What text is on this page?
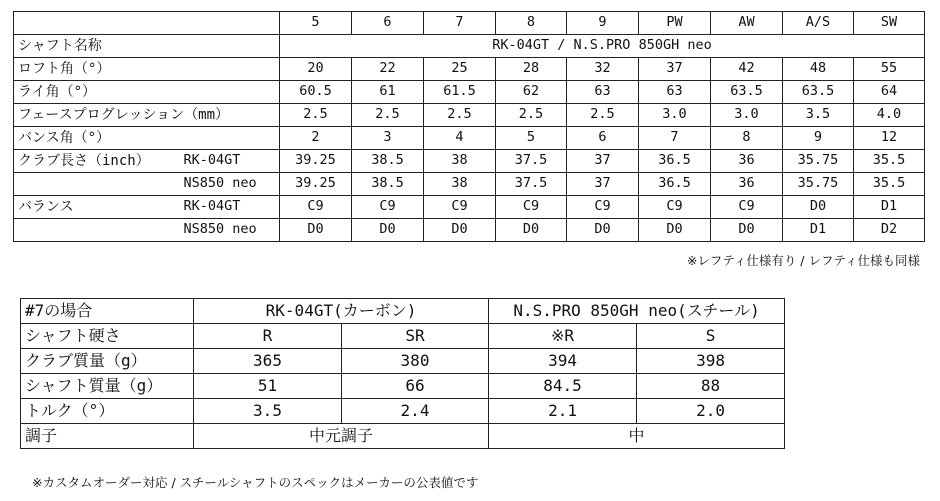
		5	6	7	8	9	PW	AW	A/S	SW
シャフト名称		RK-04GT / N.S.PRO 850GH neo								
ロフト角（°）		20	22	25	28	32	37	42	48	55
ライ角（°）		60.5	61	61.5	62	63	63	63.5	63.5	64
フェースプログレッション（mm）		2.5	2.5	2.5	2.5	2.5	3.0	3.0	3.5	4.0
バンス角（°）		2	3	4	5	6	7	8	9	12
クラブ長さ（inch）	RK-04GT	39.25	38.5	38	37.5	37	36.5	36	35.75	35.5
	NS850 neo	39.25	38.5	38	37.5	37	36.5	36	35.75	35.5
バランス	RK-04GT	C9	C9	C9	C9	C9	C9	C9	D0	D1
	NS850 neo	D0	D0	D0	D0	D0	D0	D0	D1	D2
※レフティ仕様有り / レフティ仕様も同様
#7の場合	RK-04GT(カーボン)		N.S.PRO 850GH neo(スチール)	
シャフト硬さ	R	SR	※R	S
クラブ質量（g）	365	380	394	398
シャフト質量（g）	51	66	84.5	88
トルク（°）	3.5	2.4	2.1	2.0
調子	中元調子		中	
※カスタムオーダー対応 / スチールシャフトのスペックはメーカーの公表値です
